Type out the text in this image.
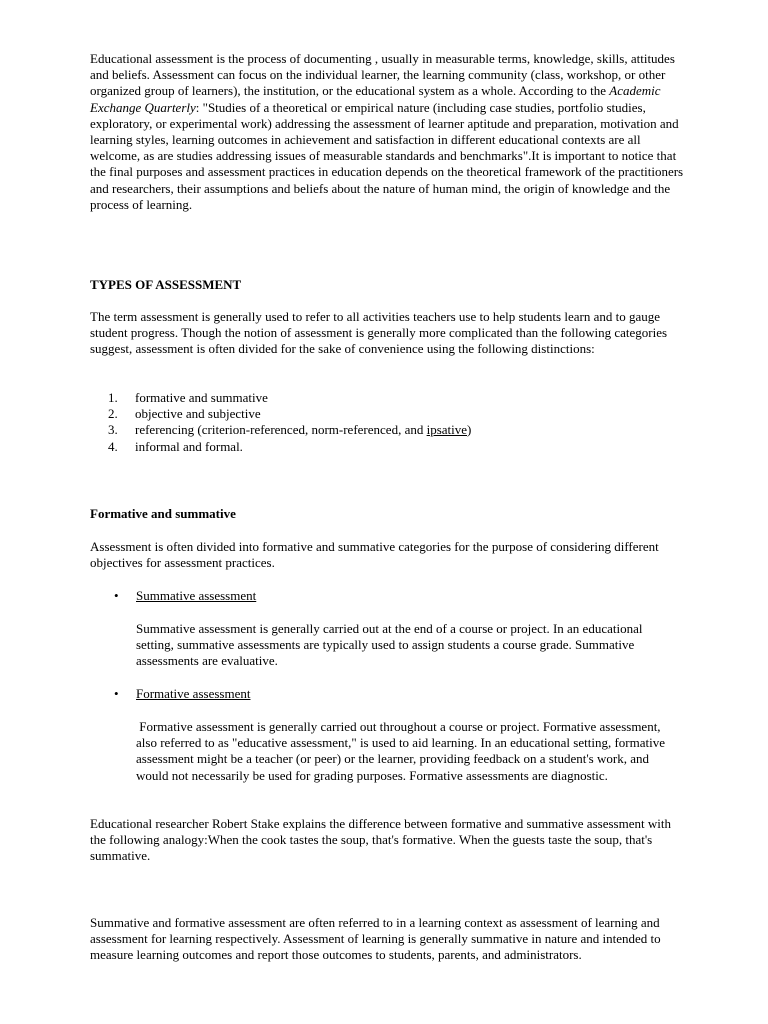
Educational assessment is the process of documenting , usually in measurable terms, knowledge, skills, attitudes and beliefs. Assessment can focus on the individual learner, the learning community (class, workshop, or other organized group of learners), the institution, or the educational system as a whole. According to the Academic Exchange Quarterly: "Studies of a theoretical or empirical nature (including case studies, portfolio studies, exploratory, or experimental work) addressing the assessment of learner aptitude and preparation, motivation and learning styles, learning outcomes in achievement and satisfaction in different educational contexts are all welcome, as are studies addressing issues of measurable standards and benchmarks".It is important to notice that the final purposes and assessment practices in education depends on the theoretical framework of the practitioners and researchers, their assumptions and beliefs about the nature of human mind, the origin of knowledge and the process of learning.

TYPES OF ASSESSMENT

The term assessment is generally used to refer to all activities teachers use to help students learn and to gauge student progress. Though the notion of assessment is generally more complicated than the following categories suggest, assessment is often divided for the sake of convenience using the following distinctions:

1. formative and summative
2. objective and subjective
3. referencing (criterion-referenced, norm-referenced, and ipsative)
4. informal and formal.

Formative and summative

Assessment is often divided into formative and summative categories for the purpose of considering different objectives for assessment practices.

• Summative assessment

Summative assessment is generally carried out at the end of a course or project. In an educational setting, summative assessments are typically used to assign students a course grade. Summative assessments are evaluative.

• Formative assessment

Formative assessment is generally carried out throughout a course or project. Formative assessment, also referred to as "educative assessment," is used to aid learning. In an educational setting, formative assessment might be a teacher (or peer) or the learner, providing feedback on a student's work, and would not necessarily be used for grading purposes. Formative assessments are diagnostic.

Educational researcher Robert Stake explains the difference between formative and summative assessment with the following analogy:When the cook tastes the soup, that's formative. When the guests taste the soup, that's summative.

Summative and formative assessment are often referred to in a learning context as assessment of learning and assessment for learning respectively. Assessment of learning is generally summative in nature and intended to measure learning outcomes and report those outcomes to students, parents, and administrators.
